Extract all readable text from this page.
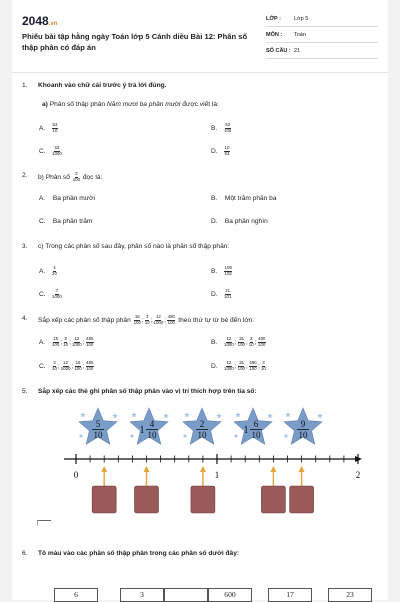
2048.vn
Phiếu bài tập hằng ngày Toán lớp 5 Cánh diều Bài 12: Phân số thập phân có đáp án
LỚP : Lớp 5
MÔN : Toán
SỐ CÂU : 21
1. Khoanh vào chữ cái trước ý trả lời đúng.
a) Phân số thập phân Năm mươi ba phần mười được viết là:
A. $\frac{53}{10}$	B. $\frac{53}{100}$
C. $\frac{53}{1000}$	D. $\frac{10}{53}$
2. b) Phân số $\frac{3}{100}$ đọc là:
A. Ba phần mười	B. Một trăm phần ba
C. Ba phần trăm	D. Ba phần nghìn
3. c) Trong các phân số sau đây, phân số nào là phân số thập phân:
A. $\frac{4}{20}$	B. $\frac{109}{102}$
C. $\frac{7}{1000}$	D. $\frac{21}{101}$
4. Sắp xếp các phân số thập phân $\frac{15}{100}$ ; $\frac{3}{10}$ ; $\frac{12}{1000}$ ; $\frac{480}{100}$ theo thứ tự từ bé đến lớn:
A. $\frac{15}{100}$ ; $\frac{3}{10}$ ; $\frac{12}{1000}$ ; $\frac{480}{100}$	B. $\frac{12}{1000}$ ; $\frac{15}{100}$ ; $\frac{3}{10}$ ; $\frac{480}{100}$
C. $\frac{3}{10}$ ; $\frac{12}{1000}$ ; $\frac{15}{100}$ ; $\frac{480}{100}$	D. $\frac{12}{1000}$ ; $\frac{15}{100}$ ; $\frac{480}{100}$ ; $\frac{3}{10}$
5. Sắp xếp các thẻ ghi phân số thập phân vào vị trí thích hợp trên tia số:
5
10	1
4
10
2
10	1
6
10
9
10
0	1	2
6. Tô màu vào các phân số thập phân trong các phân số dưới đây:
6	3	600	17	23
